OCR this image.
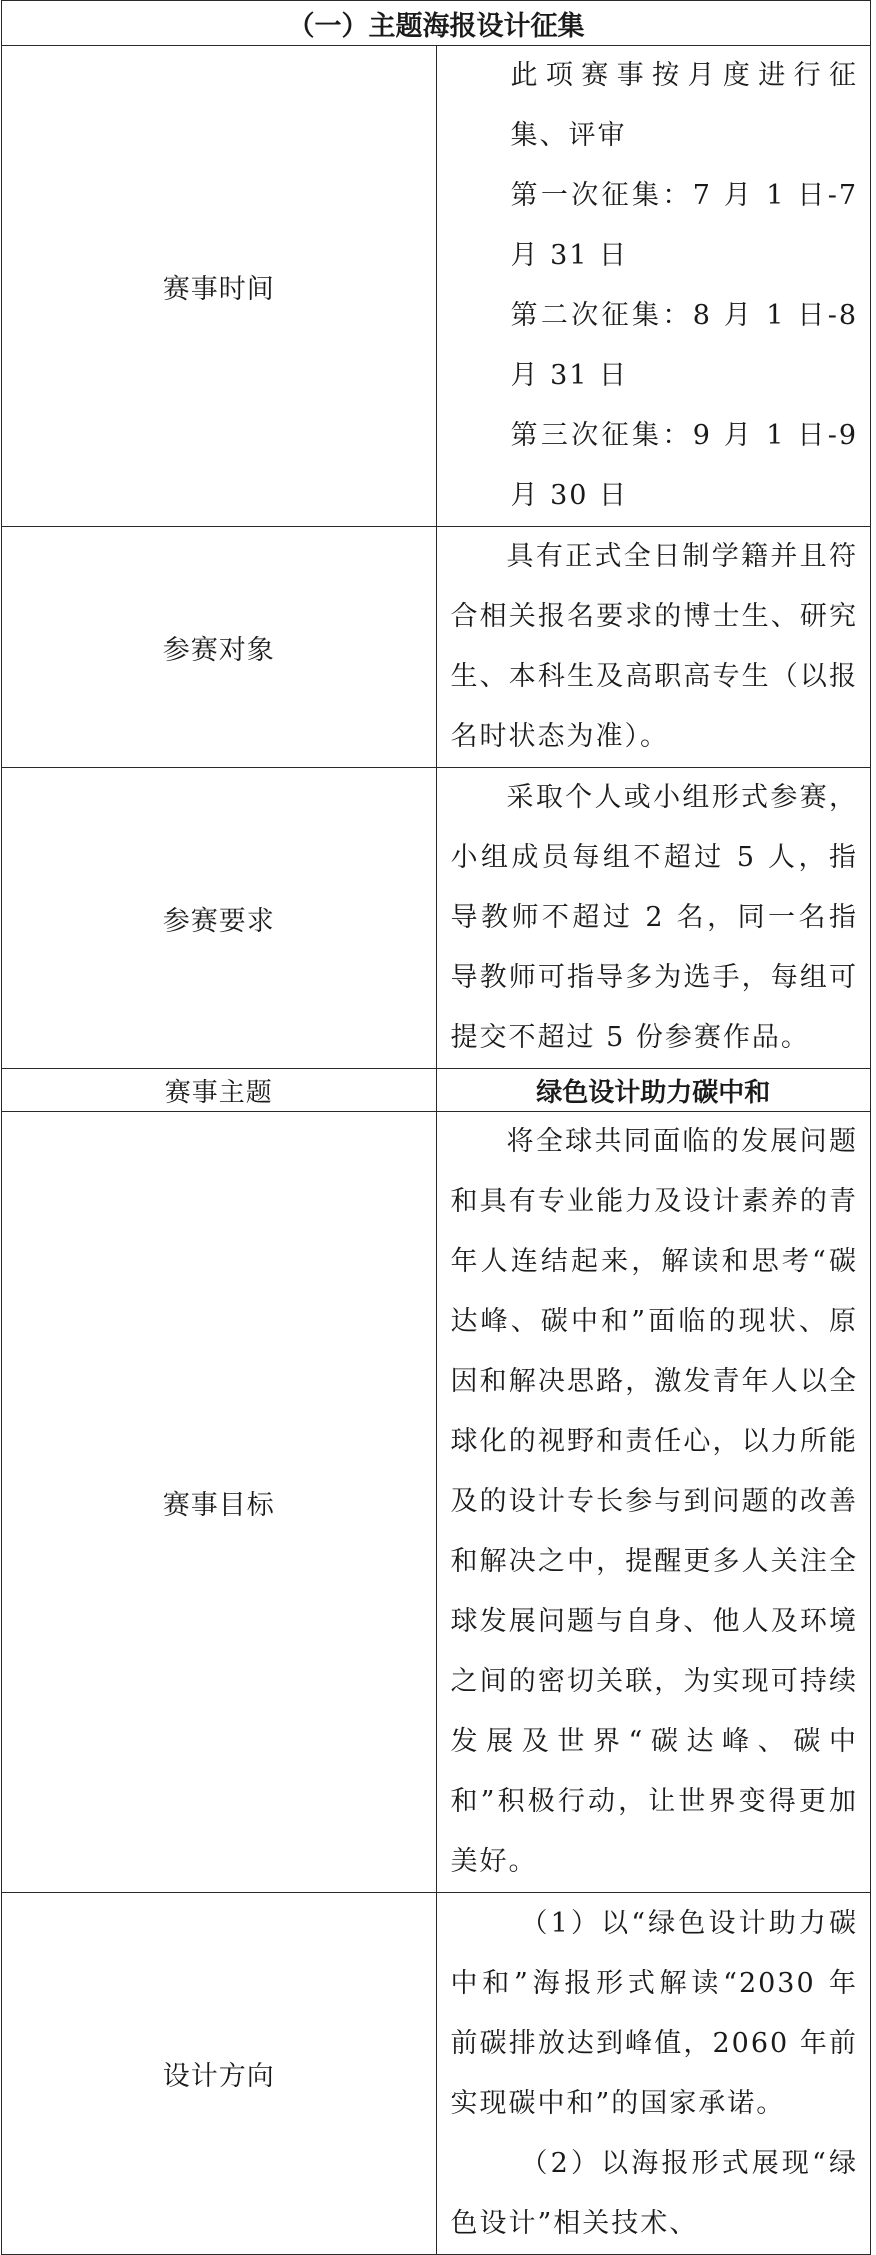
（一）主题海报设计征集	
赛事时间	此项赛事按月度进行征集、评审

第一次征集：7 月 1 日-7 月 31 日

第二次征集：8 月 1 日-8 月 31 日

第三次征集：9 月 1 日-9 月 30 日

参赛对象	具有正式全日制学籍并且符合相关报名要求的博士生、研究生、本科生及高职高专生（以报名时状态为准）。

参赛要求	采取个人或小组形式参赛，小组成员每组不超过 5 人，指导教师不超过 2 名，同一名指导教师可指导多为选手，每组可提交不超过 5 份参赛作品。

赛事主题	绿色设计助力碳中和
赛事目标	将全球共同面临的发展问题和具有专业能力及设计素养的青年人连结起来，解读和思考“碳达峰、碳中和”面临的现状、原因和解决思路，激发青年人以全球化的视野和责任心，以力所能及的设计专长参与到问题的改善和解决之中，提醒更多人关注全球发展问题与自身、他人及环境之间的密切关联，为实现可持续发展及世界“碳达峰、碳中和”积极行动，让世界变得更加美好。

设计方向	（1）以“绿色设计助力碳中和”海报形式解读“2030 年前碳排放达到峰值，2060 年前实现碳中和”的国家承诺。

（2）以海报形式展现“绿色设计”相关技术、
